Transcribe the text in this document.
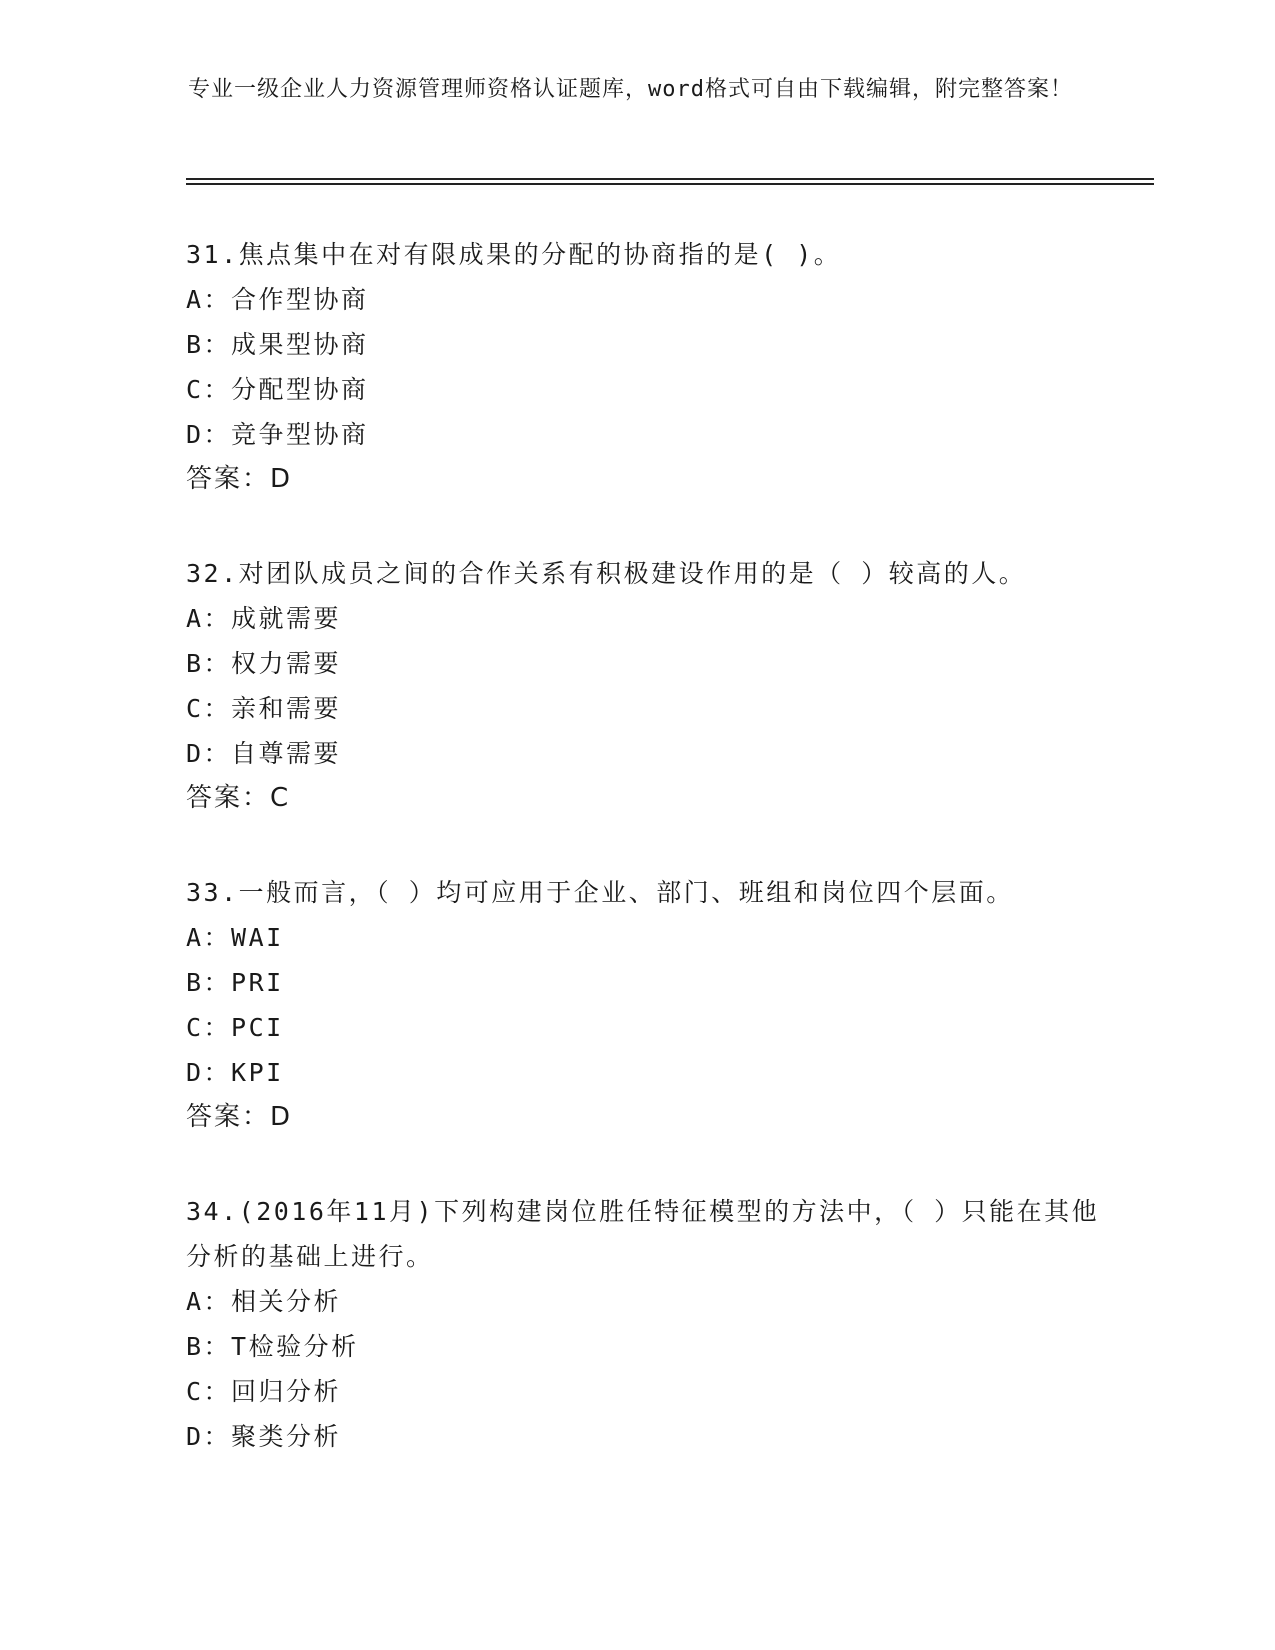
专业一级企业人力资源管理师资格认证题库，word格式可自由下载编辑，附完整答案！
31.焦点集中在对有限成果的分配的协商指的是( )。
A：合作型协商
B：成果型协商
C：分配型协商
D：竞争型协商
答案：D
32.对团队成员之间的合作关系有积极建设作用的是（ ）较高的人。
A：成就需要
B：权力需要
C：亲和需要
D：自尊需要
答案：C
33.一般而言，（ ）均可应用于企业、部门、班组和岗位四个层面。
A：WAI
B：PRI
C：PCI
D：KPI
答案：D
34.(2016年11月)下列构建岗位胜任特征模型的方法中，（ ）只能在其他分析的基础上进行。
A：相关分析
B：T检验分析
C：回归分析
D：聚类分析
